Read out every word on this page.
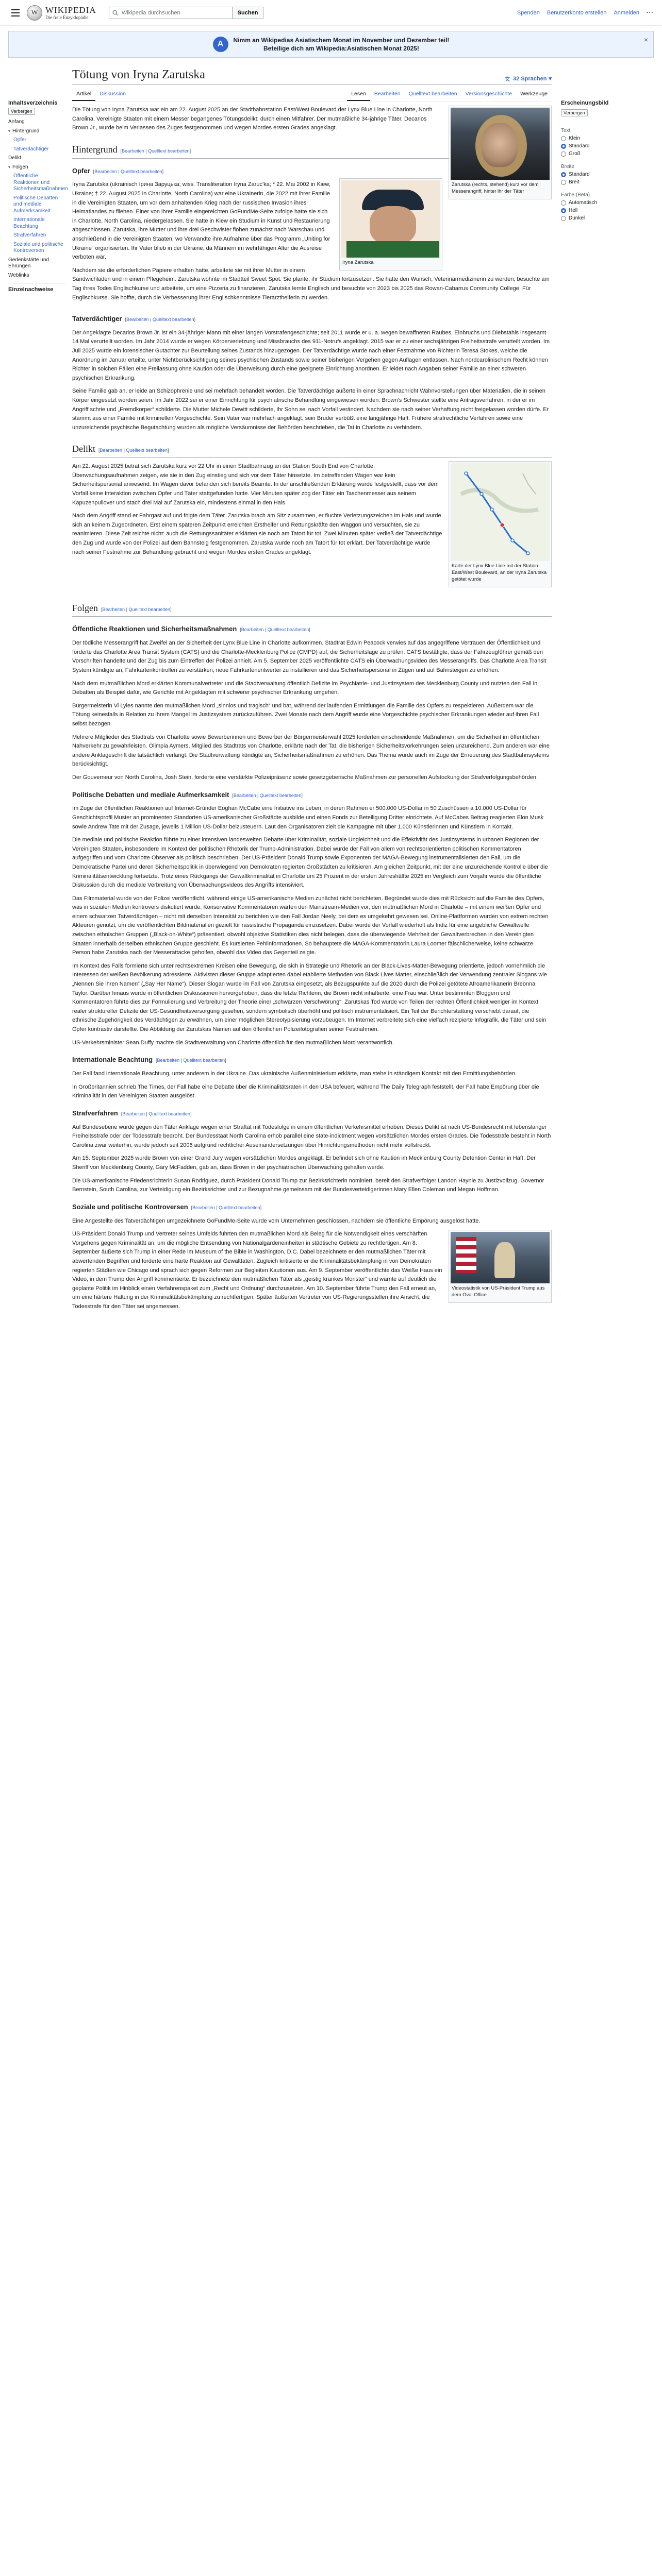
W WIKIPEDIA
Die freie Enzyklopädie
Wikipedia durchsuchen
Suchen	Spenden Benutzerkonto erstellen Anmelden ···
A	Nimm an Wikipedias Asiatischem Monat im November und Dezember teil!
Beteilige dich am Wikipedia:Asiatischen Monat 2025!
×
Inhaltsverzeichnis
Verbergen
Anfang
▾ Hintergrund
Opfer
Tatverdächtiger
Delikt
▾ Folgen
Öffentliche Reaktionen und Sicherheitsmaßnahmen
Politische Debatten und mediale Aufmerksamkeit
Internationale Beachtung
Strafverfahren
Soziale und politische Kontroversen
Gedenkstätte und Ehrungen
Weblinks
Einzelnachweise
Tötung von Iryna Zarutska	文 32 Sprachen ▾
Artikel	Diskussion	Lesen	Bearbeiten	Quelltext bearbeiten	Versionsgeschichte	Werkzeuge
Zarutska (rechts, stehend) kurz vor dem Messerangriff, hinter ihr der Täter

Die Tötung von Iryna Zarutska war ein am 22. August 2025 an der Stadtbahnstation East/West Boulevard der Lynx Blue Line in Charlotte, North Carolina, Vereinigte Staaten mit einem Messer begangenes Tötungsdelikt: durch einen Mitfahrer. Der mutmaßliche 34-jährige Täter, Decarlos Brown Jr., wurde beim Verlassen des Zuges festgenommen und wegen Mordes ersten Grades angeklagt.

Hintergrund [Bearbeiten | Quelltext bearbeiten]
Opfer [Bearbeiten | Quelltext bearbeiten]
Iryna Zarutska

Iryna Zarutska (ukrainisch Ірина Заруцька; wiss. Transliteration Iryna Zaruc'ka; * 22. Mai 2002 in Kiew, Ukraine; † 22. August 2025 in Charlotte, North Carolina) war eine Ukrainerin, die 2022 mit ihrer Familie in die Vereinigten Staaten, um vor dem anhaltenden Krieg nach der russischen Invasion ihres Heimatlandes zu fliehen. Einer von ihrer Familie eingereichten GoFundMe-Seite zufolge hatte sie sich in Charlotte, North Carolina, niedergelassen. Sie hatte in Kiew ein Studium in Kunst und Restaurierung abgeschlossen. Zarutska, ihre Mutter und ihre drei Geschwister flohen zunächst nach Warschau und anschließend in die Vereinigten Staaten, wo Verwandte ihre Aufnahme über das Programm „Uniting for Ukraine“ organisierten. Ihr Vater blieb in der Ukraine, da Männern im wehrfähigen Alter die Ausreise verboten war.

Nachdem sie die erforderlichen Papiere erhalten hatte, arbeitete sie mit ihrer Mutter in einem Sandwichladen und in einem Pflegeheim. Zarutska wohnte im Stadtteil Sweet Spot. Sie plante, ihr Studium fortzusetzen. Sie hatte den Wunsch, Veterinärmedizinerin zu werden, besuchte am Tag ihres Todes Englischkurse und arbeitete, um eine Pizzeria zu finanzieren. Zarutska lernte Englisch und besuchte von 2023 bis 2025 das Rowan-Cabarrus Community College. Für Englischkurse. Sie hoffte, durch die Verbesserung ihrer Englischkenntnisse Tierarzthelferin zu werden.

Tatverdächtiger [Bearbeiten | Quelltext bearbeiten]

Der Angeklagte Decarlos Brown Jr. ist ein 34-jähriger Mann mit einer langen Vorstrafengeschichte; seit 2011 wurde er u. a. wegen bewaffneten Raubes, Einbruchs und Diebstahls insgesamt 14 Mal verurteilt worden. Im Jahr 2014 wurde er wegen Körperverletzung und Missbrauchs des 911-Notrufs angeklagt. 2015 war er zu einer sechsjährigen Freiheitsstrafe verurteilt worden. Im Juli 2025 wurde ein forensischer Gutachter zur Beurteilung seines Zustands hinzugezogen. Der Tatverdächtige wurde nach einer Festnahme von Richterin Teresa Stokes, welche die Anordnung im Januar erteilte, unter Nichtberücksichtigung seines psychischen Zustands sowie seiner bisherigen Vergehen gegen Auflagen entlassen. Nach nordcarolinischem Recht können Richter in solchen Fällen eine Freilassung ohne Kaution oder die Überweisung durch eine geeignete Einrichtung anordnen. Er leidet nach Angaben seiner Familie an einer schweren psychischen Erkrankung.

Seine Familie gab an, er leide an Schizophrenie und sei mehrfach behandelt worden. Die Tatverdächtige äußerte in einer Sprachnachricht Wahnvorstellungen über Materialien, die in seinen Körper eingesetzt worden seien. Im Jahr 2022 sei er einer Einrichtung für psychiatrische Behandlung eingewiesen worden. Brown's Schwester stellte eine Antragsverfahren, in der er im Angriff schrie und „Fremdkörper“ schilderte. Die Mutter Michele Dewitt schilderte, ihr Sohn sei nach Vorfall verändert. Nachdem sie nach seiner Verhaftung nicht freigelassen worden dürfe. Er stammt aus einer Familie mit kriminellen Vorgeschichte. Sein Vater war mehrfach angeklagt, sein Bruder verbüßt eine langjährige Haft. Frühere strafrechtliche Verfahren sowie eine unzureichende psychische Begutachtung wurden als mögliche Versäumnisse der Behörden beschrieben, die Tat in Charlotte zu verhindern.

Delikt [Bearbeiten | Quelltext bearbeiten]
Karte der Lynx Blue Line mit der Station East/West Boulevard, an der Iryna Zarutska getötet wurde

Am 22. August 2025 betrat sich Zarutska kurz vor 22 Uhr in einen Stadtbahnzug an der Station South End von Charlotte. Überwachungsaufnahmen zeigen, wie sie in den Zug einstieg und sich vor dem Täter hinsetzte. Im betreffenden Wagen war kein Sicherheitspersonal anwesend. Im Wagen davor befanden sich bereits Beamte. In der anschließenden Erklärung wurde festgestellt, dass vor dem Vorfall keine Interaktion zwischen Opfer und Täter stattgefunden hatte. Vier Minuten später zog der Täter ein Taschenmesser aus seinem Kapuzenpullover und stach drei Mal auf Zarutska ein, mindestens einmal in den Hals.

Nach dem Angriff stand er Fahrgast auf und folgte dem Täter. Zarutska brach am Sitz zusammen, er fluchte Verletzungszeichen im Hals und wurde sich an keinem Zugeordneten. Erst einem späteren Zeitpunkt erreichten Ersthelfer und Rettungskräfte den Waggon und versuchten, sie zu reanimieren. Diese Zeit reichte nicht: auch die Rettungssanitäter erklärten sie noch am Tatort für tot. Zwei Minuten später verließ der Tatverdächtige den Zug und wurde von der Polizei auf dem Bahnsteig festgenommen. Zarutska wurde noch am Tatort für tot erklärt. Der Tatverdächtige wurde nach seiner Festnahme zur Behandlung gebracht und wegen Mordes ersten Grades angeklagt.

Folgen [Bearbeiten | Quelltext bearbeiten]
Öffentliche Reaktionen und Sicherheitsmaßnahmen [Bearbeiten | Quelltext bearbeiten]

Der tödliche Messerangriff hat Zweifel an der Sicherheit der Lynx Blue Line in Charlotte aufkommen. Stadtrat Edwin Peacock verwies auf das angegriffene Vertrauen der Öffentlichkeit und forderte das Charlotte Area Transit System (CATS) und die Charlotte-Mecklenburg Police (CMPD) auf, die Sicherheitslage zu prüfen. CATS bestätigte, dass der Fahrzeugführer gemäß den Vorschriften handelte und der Zug bis zum Eintreffen der Polizei anhielt. Am 5. September 2025 veröffentlichte CATS ein Überwachungsvideo des Messerangriffs. Das Charlotte Area Transit System kündigte an, Fahrkartenkontrollen zu verstärken, neue Fahrkartenentwerter zu installieren und das Sicherheitspersonal in Zügen und auf Bahnsteigen zu erhöhen.

Nach dem mutmaßlichen Mord erklärten Kommunalvertreter und die Stadtverwaltung öffentlich Defizite im Psychiatrie- und Justizsystem des Mecklenburg County und nutzten den Fall in Debatten als Beispiel dafür, wie Gerichte mit Angeklagten mit schwerer psychischer Erkrankung umgehen.

Bürgermeisterin Vi Lyles nannte den mutmaßlichen Mord „sinnlos und tragisch“ und bat, während der laufenden Ermittlungen die Familie des Opfers zu respektieren. Außerdem war die Tötung keinesfalls in Relation zu ihrem Mangel im Justizsystem zurückzuführen. Zwei Monate nach dem Angriff wurde eine Vorgeschichte psychischer Erkrankungen wieder auf ihren Fall selbst bezogen.

Mehrere Mitglieder des Stadtrats von Charlotte sowie Bewerberinnen und Bewerber der Bürgermeisterwahl 2025 forderten einschneidende Maßnahmen, um die Sicherheit im öffentlichen Nahverkehr zu gewährleisten. Olimpia Aymers, Mitglied des Stadtrats von Charlotte, erklärte nach der Tat, die bisherigen Sicherheitsvorkehrungen seien unzureichend. Zum anderen war eine andere Anklageschrift die tatsächlich verlangt. Die Stadtverwaltung kündigte an, Sicherheitsmaßnahmen zu erhöhen. Das Thema wurde auch im Zuge der Erneuerung des Stadtbahnsystems berücksichtigt.

Der Gouverneur von North Carolina, Josh Stein, forderte eine verstärkte Polizeipräsenz sowie gesetzgeberische Maßnahmen zur personellen Aufstockung der Strafverfolgungsbehörden.

Politische Debatten und mediale Aufmerksamkeit [Bearbeiten | Quelltext bearbeiten]

Im Zuge der öffentlichen Reaktionen auf Internet-Gründer Eoghan McCabe eine Initiative ins Leben, in deren Rahmen er 500.000 US-Dollar in 50 Zuschüssen à 10.000 US-Dollar für Geschichtsprofil Muster an prominenten Standorten US-amerikanischer Großstädte ausbilde und einen Fonds zur Beteiligung Dritter einrichtete. Auf McCabes Beitrag reagierten Elon Musk sowie Andrew Tate mit der Zusage, jeweils 1 Million US-Dollar beizusteuern. Laut den Organisatoren zielt die Kampagne mit über 1.000 Künstlerinnen und Künstlern in Kontakt.

Die mediale und politische Reaktion führte zu einer intensiven landesweiten Debatte über Kriminalität, soziale Ungleichheit und die Effektivität des Justizsystems in urbanen Regionen der Vereinigten Staaten, insbesondere im Kontext der politischen Rhetorik der Trump-Administration. Dabei wurde der Fall von allem von rechtsorientierten politischen Kommentatoren aufgegriffen und vom Charlotte Observer als politisch beschrieben. Der US-Präsident Donald Trump sowie Exponenten der MAGA-Bewegung instrumentalisierten den Fall, um die Demokratische Partei und deren Sicherheitspolitik in überwiegend von Demokraten regierten Großstädten zu kritisieren. Am gleichen Zeitpunkt, mit der eine unzureichende Kontrolle über die Kriminalitätsentwicklung fortsetzte. Trotz eines Rückgangs der Gewaltkriminalität in Charlotte um 25 Prozent in der ersten Jahreshälfte 2025 im Vergleich zum Vorjahr wurde die öffentliche Diskussion durch die mediale Verbreitung von Überwachungsvideos des Angriffs intensiviert.

Das Filmmaterial wurde von der Polizei veröffentlicht, während einige US-amerikanische Medien zunächst nicht berichteten. Begründet wurde dies mit Rücksicht auf die Familie des Opfers, was in sozialen Medien kontrovers diskutiert wurde. Konservative Kommentatoren warfen den Mainstream-Medien vor, den mutmaßlichen Mord in Charlotte – mit einem weißen Opfer und einem schwarzen Tatverdächtigen – nicht mit derselben Intensität zu berichten wie den Fall Jordan Neely, bei dem es umgekehrt gewesen sei. Online-Plattformen wurden von extrem rechten Akteuren genutzt, um die veröffentlichten Bildmaterialien gezielt für rassistische Propaganda einzusetzen. Dabei wurde der Vorfall wiederholt als Indiz für eine angebliche Gewaltwelle zwischen ethnischen Gruppen („Black-on-White“) präsentiert, obwohl objektive Statistiken dies nicht belegen, dass die überwiegende Mehrheit der Gewaltverbrechen in den Vereinigten Staaten innerhalb derselben ethnischen Gruppe geschieht. Es kursierten Fehlinformationen. So behauptete die MAGA-Kommentatorin Laura Loomer fälschlicherweise, keine schwarze Person habe Zarutska nach der Messerattacke geholfen, obwohl das Video das Gegenteil zeigte.

Im Kontext des Falls formierte sich unter rechtsextremen Kreisen eine Bewegung, die sich in Strategie und Rhetorik an der Black-Lives-Matter-Bewegung orientierte, jedoch vornehmlich die Interessen der weißen Bevölkerung adressierte. Aktivisten dieser Gruppe adaptierten dabei etablierte Methoden von Black Lives Matter, einschließlich der Verwendung zentraler Slogans wie „Nennen Sie ihren Namen“ („Say Her Name“). Dieser Slogan wurde im Fall von Zarutska eingesetzt, als Bezugspunkte auf die 2020 durch die Polizei getötete Afroamerikanerin Breonna Taylor. Darüber hinaus wurde in öffentlichen Diskussionen hervorgehoben, dass die letzte Richterin, die Brown nicht inhaftierte, eine Frau war. Unter bestimmten Bloggern und Kommentatoren führte dies zur Formulierung und Verbreitung der Theorie einer „schwarzen Verschwörung“. Zarutskas Tod wurde von Teilen der rechten Öffentlichkeit weniger im Kontext realer struktureller Defizite der US-Gesundheitsversorgung gesehen, sondern symbolisch überhöht und politisch instrumentalisiert. Ein Teil der Berichterstattung verschiebt darauf, die ethnische Zugehörigkeit des Verdächtigen zu erwähnen, um einer möglichen Stereotypisierung vorzubeugen. Im Internet verbreitete sich eine vielfach rezipierte Infografik, die Täter und sein Opfer kontrastiv darstellte. Die Abbildung der Zarutskas Namen auf den öffentlichen Polizeifotografien seiner Festnahmen.

US-Verkehrsminister Sean Duffy machte die Stadtverwaltung von Charlotte öffentlich für den mutmaßlichen Mord verantwortlich.

Internationale Beachtung [Bearbeiten | Quelltext bearbeiten]

Der Fall fand internationale Beachtung, unter anderem in der Ukraine. Das ukrainische Außenministerium erklärte, man stehe in ständigem Kontakt mit den Ermittlungsbehörden.

In Großbritannien schrieb The Times, der Fall habe eine Debatte über die Kriminalitätsraten in den USA befeuert, während The Daily Telegraph feststellt, der Fall habe Empörung über die Kriminalität in den Vereinigten Staaten ausgelöst.

Strafverfahren [Bearbeiten | Quelltext bearbeiten]

Auf Bundesebene wurde gegen den Täter Anklage wegen einer Straftat mit Todesfolge in einem öffentlichen Verkehrsmittel erhoben. Dieses Delikt ist nach US-Bundesrecht mit lebenslanger Freiheitsstrafe oder der Todesstrafe bedroht. Der Bundesstaat North Carolina erhob parallel eine state-indictment wegen vorsätzlichen Mordes ersten Grades. Die Todesstrafe besteht in North Carolina zwar weiterhin, wurde jedoch seit 2006 aufgrund rechtlicher Auseinandersetzungen über Hinrichtungsmethoden nicht mehr vollstreckt.

Am 15. September 2025 wurde Brown von einer Grand Jury wegen vorsätzlichen Mordes angeklagt. Er befindet sich ohne Kaution im Mecklenburg County Detention Center in Haft. Der Sheriff von Mecklenburg County, Gary McFadden, gab an, dass Brown in der psychiatrischen Überwachung gehalten werde.

Die US-amerikanische Friedensrichterin Susan Rodriguez, durch Präsident Donald Trump zur Bezirksrichterin nominiert, bereit den Strafverfolger Landon Haynie zu Justizvollzug. Governor Bernstein, South Carolina, zur Verteidigung ein Bezirksrichter und zur Bezugnahme gemeinsam mit der Bundesverteidigerinnen Mary Ellen Coleman und Megan Hoffman.

Soziale und politische Kontroversen [Bearbeiten | Quelltext bearbeiten]

Eine Angestellte des Tatverdächtigen umgezeichnete GoFundMe-Seite wurde vom Unternehmen geschlossen, nachdem sie öffentliche Empörung ausgelöst hatte.

Videostatistik von US-Präsident Trump aus dem Oval Office

US-Präsident Donald Trump und Vertreter seines Umfelds führten den mutmaßlichen Mord als Beleg für die Notwendigkeit eines verschärften Vorgehens gegen Kriminalität an, um die mögliche Entsendung von Nationalgardeneinheiten in städtische Gebiete zu rechtfertigen. Am 8. September äußerte sich Trump in einer Rede im Museum of the Bible in Washington, D.C. Dabei bezeichnete er den mutmaßlichen Täter mit abwertenden Begriffen und forderte eine harte Reaktion auf Gewalttaten. Zugleich kritisierte er die Kriminalitätsbekämpfung in von Demokraten regierten Städten wie Chicago und sprach sich gegen Reformen zur Begleiten Kautionen aus. Am 9. September veröffentlichte das Weiße Haus ein Video, in dem Trump den Angriff kommentierte. Er bezeichnete den mutmaßlichen Täter als „geistig krankes Monster“ und warnte auf deutlich die geplante Politik im Hinblick einen Verfahrenspaket zum „Recht und Ordnung“ durchzusetzen. Am 10. September führte Trump den Fall erneut an, um eine härtere Haltung in der Kriminalitätsbekämpfung zu rechtfertigen. Später äußerten Vertreter von US-Regierungsstellen ihre Ansicht, die Todesstrafe für den Täter sei angemessen.

Erscheinungsbild
Verbergen
Text
Klein
Standard
Groß
Breite
Standard
Breit
Farbe (Beta)
Automatisch
Hell
Dunkel
